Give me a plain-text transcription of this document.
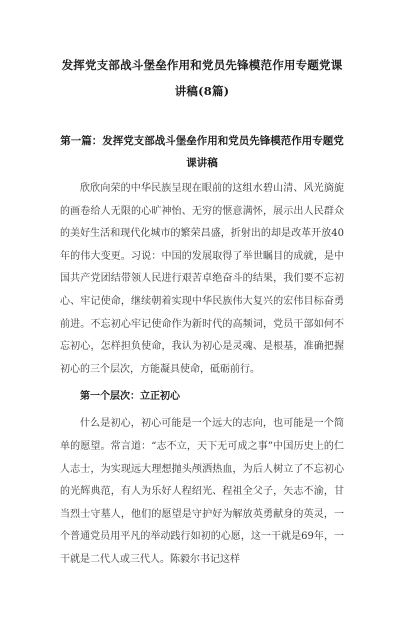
发挥党支部战斗堡垒作用和党员先锋模范作用专题党课讲稿(8篇)
第一篇：发挥党支部战斗堡垒作用和党员先锋模范作用专题党课讲稿

欣欣向荣的中华民族呈现在眼前的这组水碧山清、风光旖旎的画卷给人无限的心旷神怡、无穷的惬意满怀，展示出人民群众的美好生活和现代化城市的繁荣昌盛，折射出的却是改革开放40年的伟大变更。习说：中国的发展取得了举世瞩目的成就，是中国共产党团结带领人民进行艰苦卓绝奋斗的结果，我们要不忘初心、牢记使命，继续朝着实现中华民族伟大复兴的宏伟目标奋勇前进。不忘初心牢记使命作为新时代的高频词，党员干部如何不忘初心，怎样担负使命，我认为初心是灵魂、是根基，准确把握初心的三个层次，方能凝具使命，砥砺前行。

第一个层次：立正初心

什么是初心，初心可能是一个远大的志向，也可能是一个简单的愿望。常言道：“志不立，天下无可成之事”中国历史上的仁人志士，为实现远大理想抛头颅洒热血，为后人树立了不忘初心的光辉典范，有人为乐好人程绍光、程祖全父子，矢志不渝，甘当烈士守墓人，他们的愿望是守护好为解放英勇献身的英灵，一个普通党员用平凡的举动践行如初的心愿，这一干就是69年，一干就是二代人或三代人。陈毅尔书记这样
